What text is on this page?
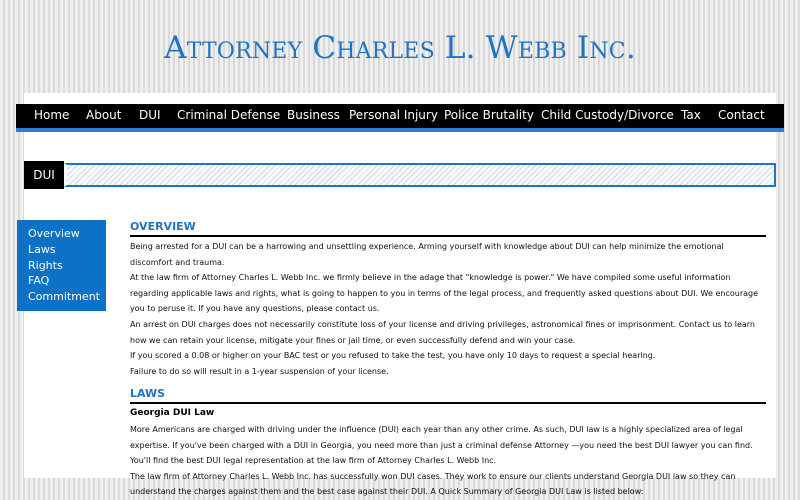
Attorney Charles L. Webb Inc.
Home About DUI Criminal Defense Business Personal Injury Police Brutality Child Custody/Divorce Tax Contact
DUI
Overview
Laws
Rights
FAQ
Commitment
OVERVIEW

Being arrested for a DUI can be a harrowing and unsettling experience. Arming yourself with knowledge about DUI can help minimize the emotional discomfort and trauma.

At the law firm of Attorney Charles L. Webb Inc. we firmly believe in the adage that "knowledge is power." We have compiled some useful information regarding applicable laws and rights, what is going to happen to you in terms of the legal process, and frequently asked questions about DUI. We encourage you to peruse it. If you have any questions, please contact us.

An arrest on DUI charges does not necessarily constitute loss of your license and driving privileges, astronomical fines or imprisonment. Contact us to learn how we can retain your license, mitigate your fines or jail time, or even successfully defend and win your case.

If you scored a 0.08 or higher on your BAC test or you refused to take the test, you have only 10 days to request a special hearing.

Failure to do so will result in a 1-year suspension of your license.

LAWS

Georgia DUI Law

More Americans are charged with driving under the influence (DUI) each year than any other crime. As such, DUI law is a highly specialized area of legal expertise. If you've been charged with a DUI in Georgia, you need more than just a criminal defense Attorney —you need the best DUI lawyer you can find. You'll find the best DUI legal representation at the law firm of Attorney Charles L. Webb Inc.

The law firm of Attorney Charles L. Webb Inc. has successfully won DUI cases. They work to ensure our clients understand Georgia DUI law so they can understand the charges against them and the best case against their DUI. A Quick Summary of Georgia DUI Law is listed below:
